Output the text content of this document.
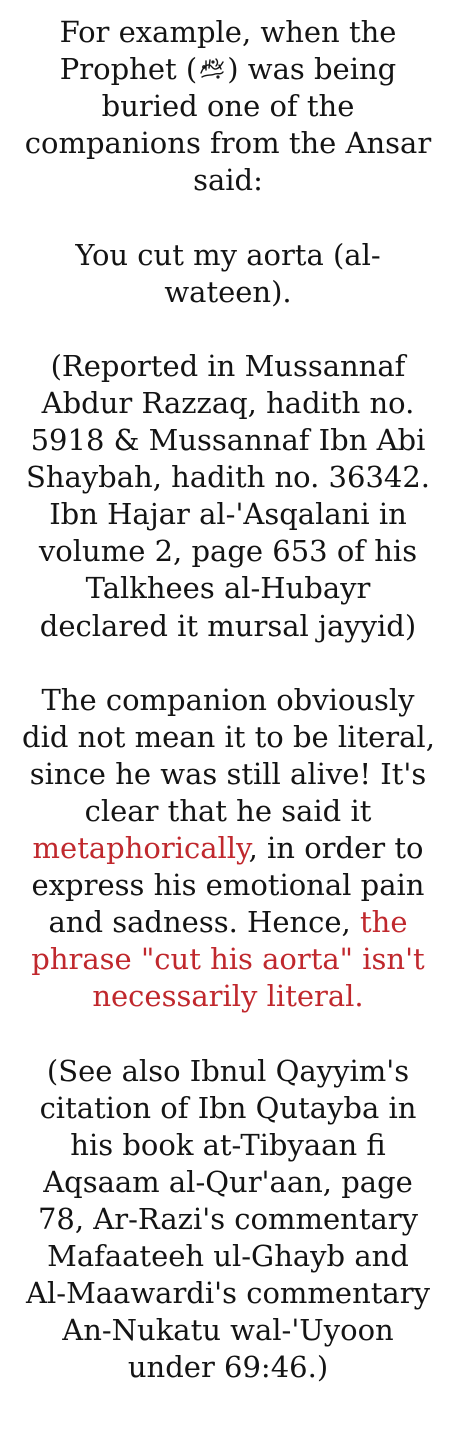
For example, when the
Prophet ( ) was being
buried one of the
companions from the Ansar
said:
You cut my aorta (al-
wateen).
(Reported in Mussannaf
Abdur Razzaq, hadith no.
5918 & Mussannaf Ibn Abi
Shaybah, hadith no. 36342.
Ibn Hajar al-'Asqalani in
volume 2, page 653 of his
Talkhees al-Hubayr
declared it mursal jayyid)
The companion obviously
did not mean it to be literal,
since he was still alive! It's
clear that he said it
metaphorically, in order to
express his emotional pain
and sadness. Hence, the
phrase "cut his aorta" isn't
necessarily literal.
(See also Ibnul Qayyim's
citation of Ibn Qutayba in
his book at-Tibyaan fi
Aqsaam al-Qur'aan, page
78, Ar-Razi's commentary
Mafaateeh ul-Ghayb and
Al-Maawardi's commentary
An-Nukatu wal-'Uyoon
under 69:46.)
